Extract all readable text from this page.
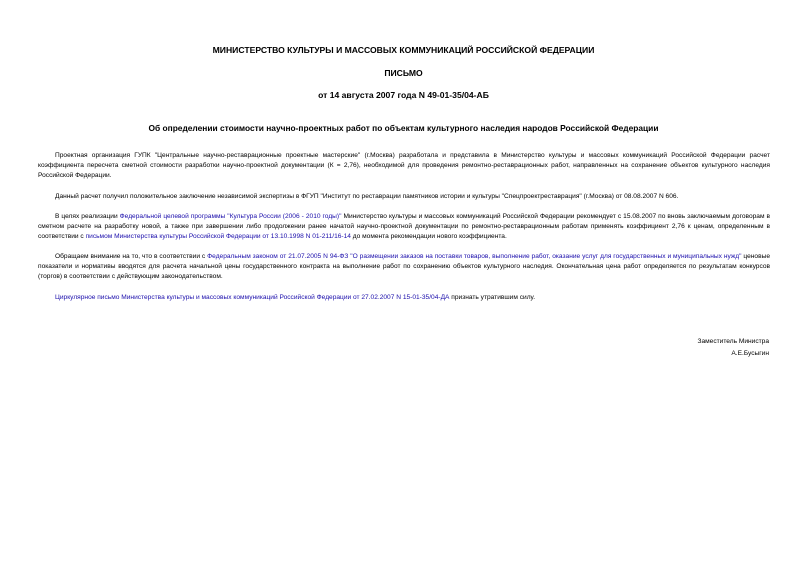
МИНИСТЕРСТВО КУЛЬТУРЫ И МАССОВЫХ КОММУНИКАЦИЙ РОССИЙСКОЙ ФЕДЕРАЦИИ
ПИСЬМО
от 14 августа 2007 года N 49-01-35/04-АБ
Об определении стоимости научно-проектных работ по объектам культурного наследия народов Российской Федерации

Проектная организация ГУПК "Центральные научно-реставрационные проектные мастерские" (г.Москва) разработала и представила в Министерство культуры и массовых коммуникаций Российской Федерации расчет коэффициента пересчета сметной стоимости разработки научно-проектной документации (К = 2,76), необходимой для проведения ремонтно-реставрационных работ, направленных на сохранение объектов культурного наследия Российской Федерации.

Данный расчет получил положительное заключение независимой экспертизы в ФГУП "Институт по реставрации памятников истории и культуры "Спецпроектреставрация" (г.Москва) от 08.08.2007 N 606.

В целях реализации Федеральной целевой программы "Культура России (2006 - 2010 годы)" Министерство культуры и массовых коммуникаций Российской Федерации рекомендует с 15.08.2007 по вновь заключаемым договорам в сметном расчете на разработку новой, а также при завершении либо продолжении ранее начатой научно-проектной документации по ремонтно-реставрационным работам применять коэффициент 2,76 к ценам, определенным в соответствии с письмом Министерства культуры Российской Федерации от 13.10.1998 N 01-211/16-14 до момента рекомендации нового коэффициента.

Обращаем внимание на то, что в соответствии с Федеральным законом от 21.07.2005 N 94-ФЗ "О размещении заказов на поставки товаров, выполнение работ, оказание услуг для государственных и муниципальных нужд" ценовые показатели и нормативы вводятся для расчета начальной цены государственного контракта на выполнение работ по сохранению объектов культурного наследия. Окончательная цена работ определяется по результатам конкурсов (торгов) в соответствии с действующим законодательством.

Циркулярное письмо Министерства культуры и массовых коммуникаций Российской Федерации от 27.02.2007 N 15-01-35/04-ДА признать утратившим силу.

Заместитель Министра
А.Е.Бусыгин
